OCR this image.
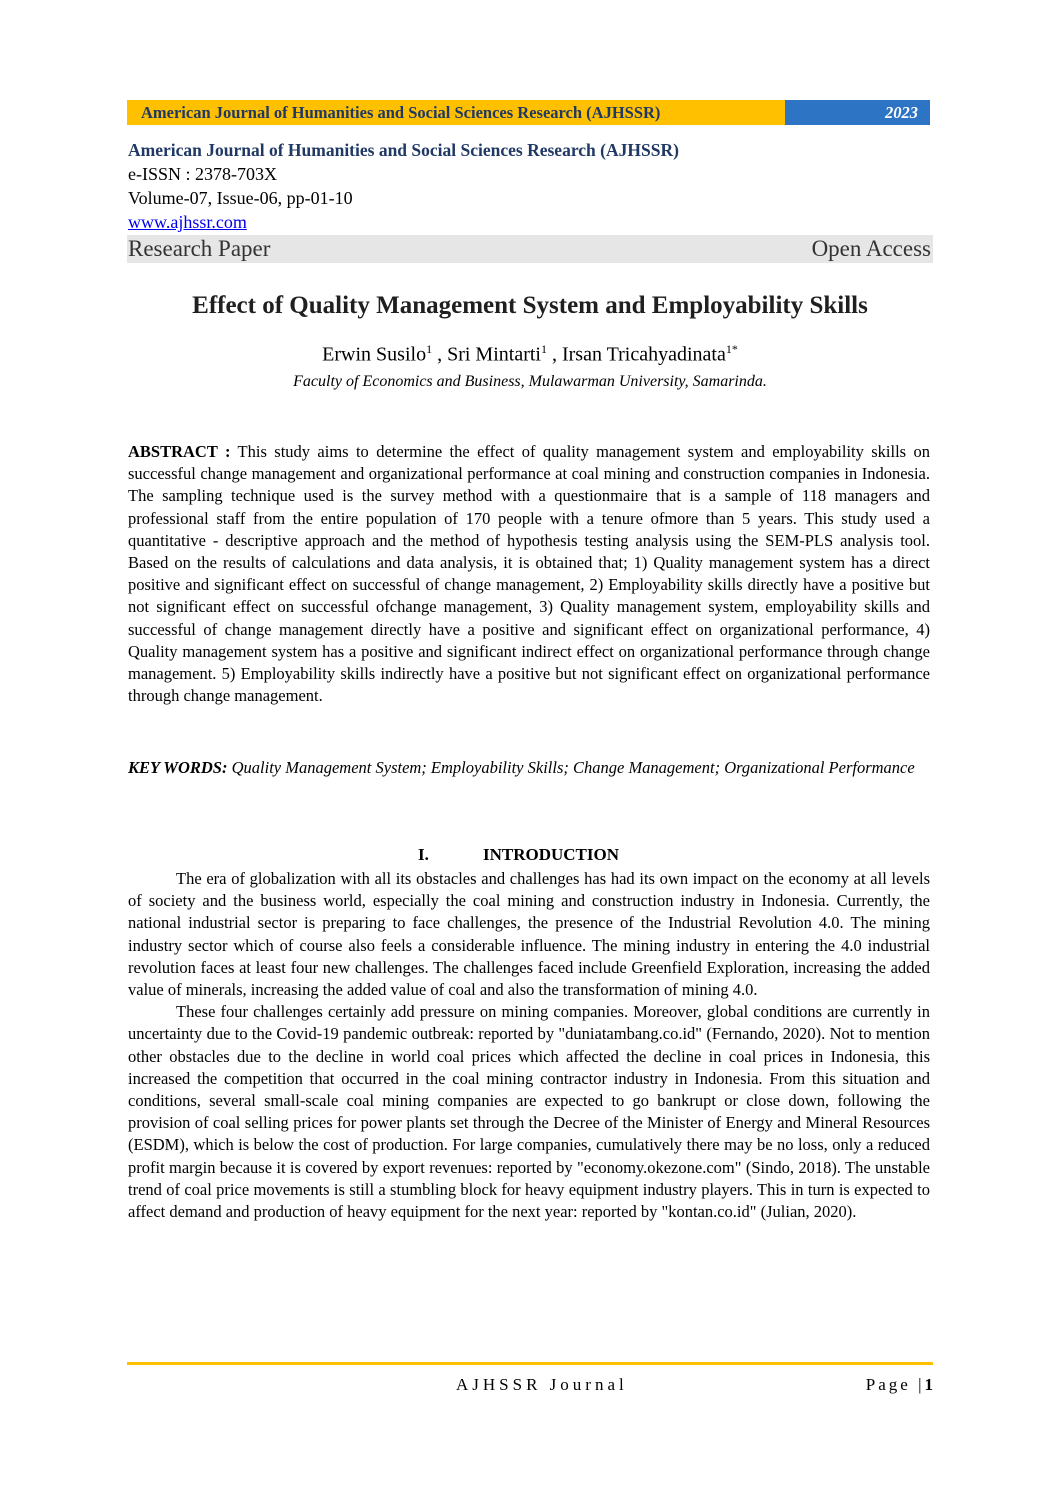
American Journal of Humanities and Social Sciences Research (AJHSSR)	2023
American Journal of Humanities and Social Sciences Research (AJHSSR)
e-ISSN : 2378-703X
Volume-07, Issue-06, pp-01-10
www.ajhssr.com
Research Paper	Open Access
Effect of Quality Management System and Employability Skills
Erwin Susilo$^1$ , Sri Mintarti$^1$ , Irsan Tricahyadinata$^{1*}$
Faculty of Economics and Business, Mulawarman University, Samarinda.
ABSTRACT : This study aims to determine the effect of quality management system and employability skills on successful change management and organizational performance at coal mining and construction companies in Indonesia. The sampling technique used is the survey method with a questionmaire that is a sample of 118 managers and professional staff from the entire population of 170 people with a tenure ofmore than 5 years. This study used a quantitative - descriptive approach and the method of hypothesis testing analysis using the SEM-PLS analysis tool. Based on the results of calculations and data analysis, it is obtained that; 1) Quality management system has a direct positive and significant effect on successful of change management, 2) Employability skills directly have a positive but not significant effect on successful ofchange management, 3) Quality management system, employability skills and successful of change management directly have a positive and significant effect on organizational performance, 4) Quality management system has a positive and significant indirect effect on organizational performance through change management. 5) Employability skills indirectly have a positive but not significant effect on organizational performance through change management.
KEY WORDS: Quality Management System; Employability Skills; Change Management; Organizational Performance
I.	INTRODUCTION

The era of globalization with all its obstacles and challenges has had its own impact on the economy at all levels of society and the business world, especially the coal mining and construction industry in Indonesia. Currently, the national industrial sector is preparing to face challenges, the presence of the Industrial Revolution 4.0. The mining industry sector which of course also feels a considerable influence. The mining industry in entering the 4.0 industrial revolution faces at least four new challenges. The challenges faced include Greenfield Exploration, increasing the added value of minerals, increasing the added value of coal and also the transformation of mining 4.0.

These four challenges certainly add pressure on mining companies. Moreover, global conditions are currently in uncertainty due to the Covid-19 pandemic outbreak: reported by "duniatambang.co.id" (Fernando, 2020). Not to mention other obstacles due to the decline in world coal prices which affected the decline in coal prices in Indonesia, this increased the competition that occurred in the coal mining contractor industry in Indonesia. From this situation and conditions, several small-scale coal mining companies are expected to go bankrupt or close down, following the provision of coal selling prices for power plants set through the Decree of the Minister of Energy and Mineral Resources (ESDM), which is below the cost of production. For large companies, cumulatively there may be no loss, only a reduced profit margin because it is covered by export revenues: reported by "economy.okezone.com" (Sindo, 2018). The unstable trend of coal price movements is still a stumbling block for heavy equipment industry players. This in turn is expected to affect demand and production of heavy equipment for the next year: reported by "kontan.co.id" (Julian, 2020).

AJHSSR Journal	Page |1
